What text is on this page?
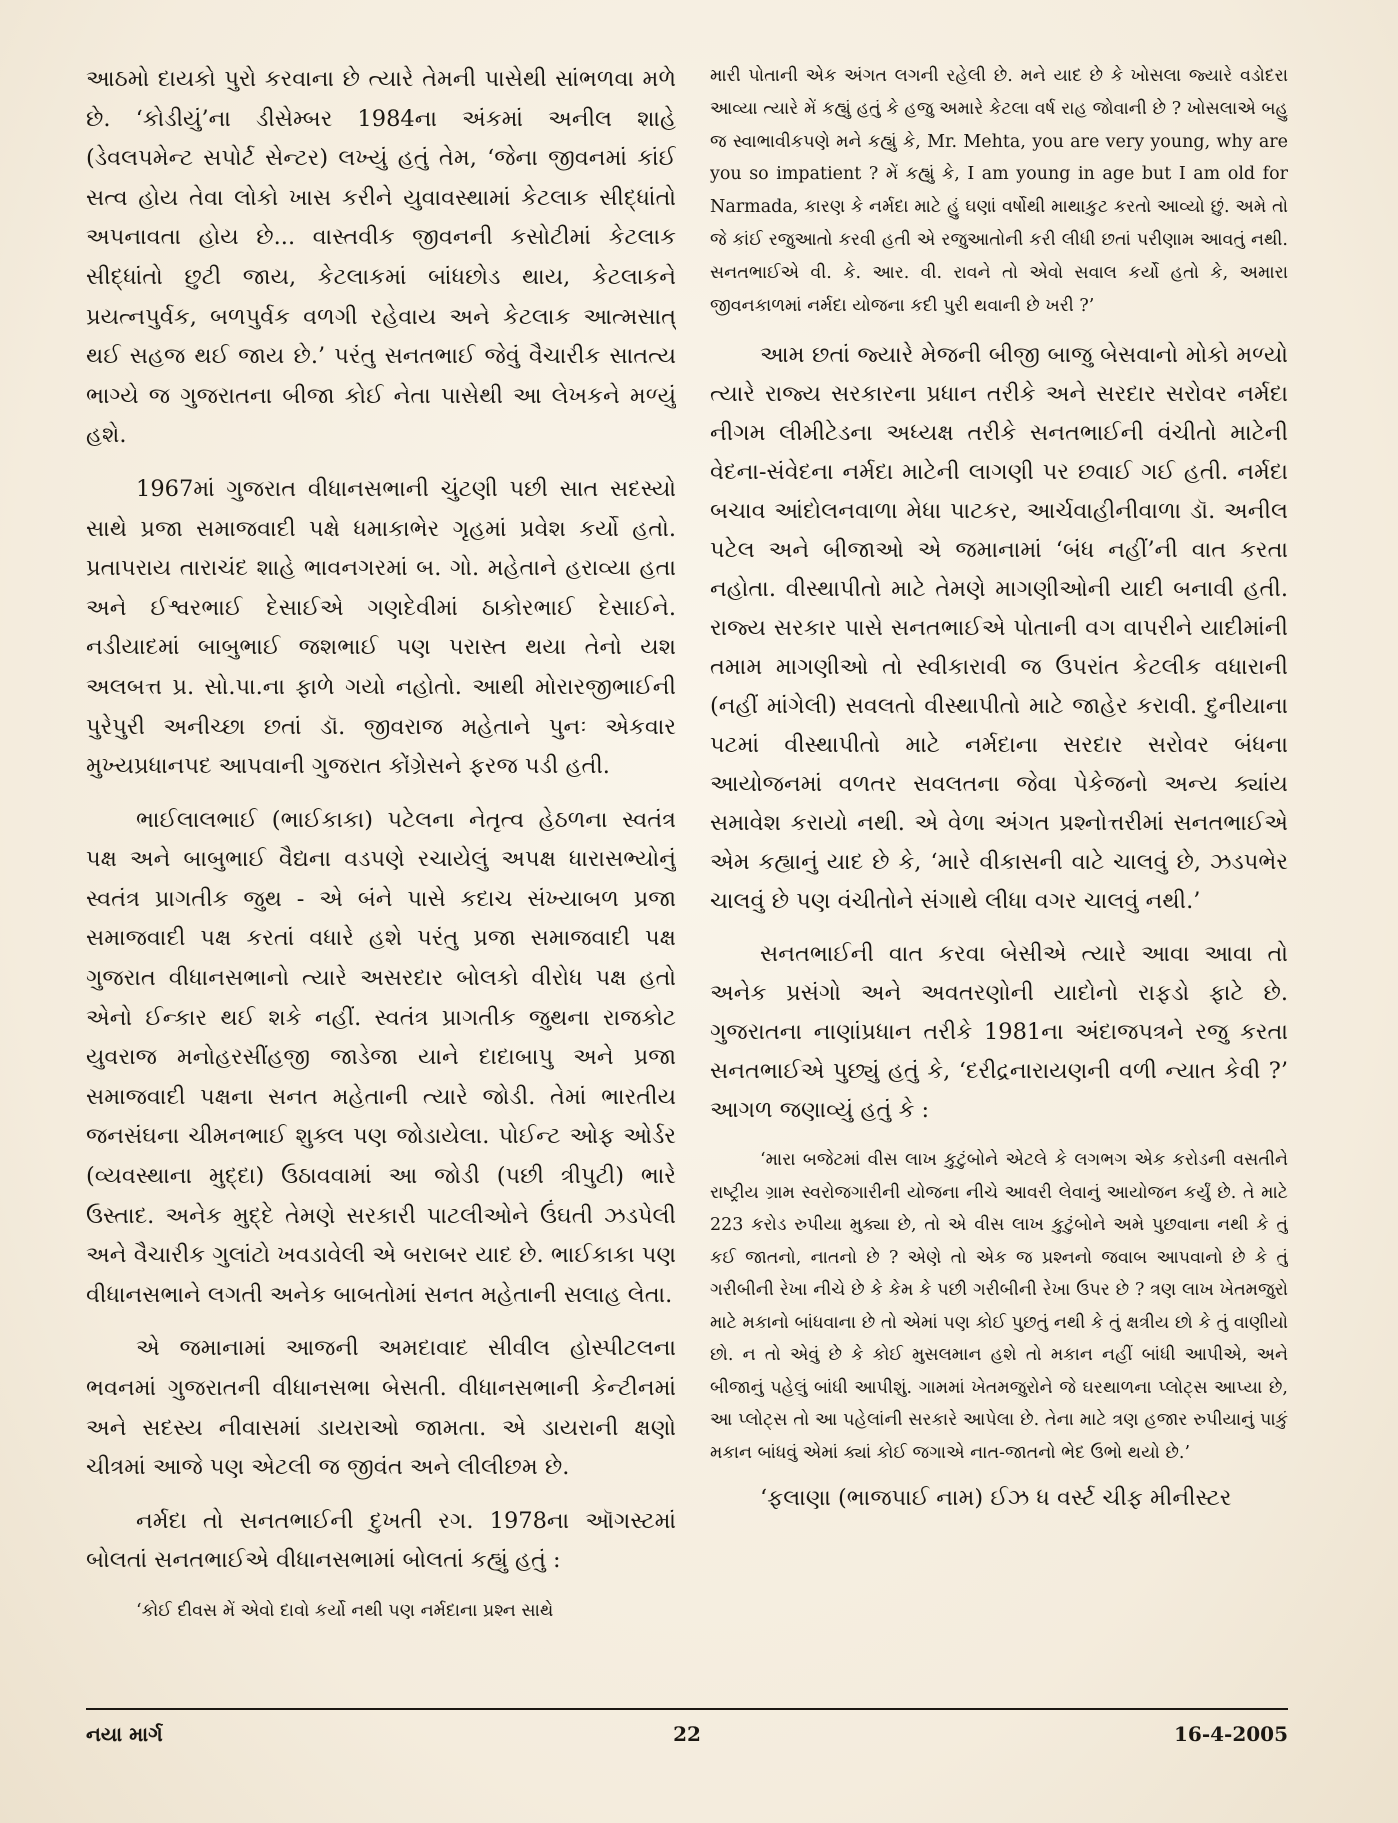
આઠમો દાયકો પુરો કરવાના છે ત્યારે તેમની પાસેથી સાંભળવા મળે છે. ‘કોડીયું’ના ડીસેમ્બર 1984ના અંકમાં અનીલ શાહે (ડેવલપમેન્ટ સપોર્ટ સેન્ટર) લખ્યું હતું તેમ, ‘જેના જીવનમાં કાંઈ સત્વ હોય તેવા લોકો ખાસ કરીને યુવાવસ્થામાં કેટલાક સીદ્ધાંતો અપનાવતા હોય છે... વાસ્તવીક જીવનની કસોટીમાં કેટલાક સીદ્ધાંતો છુટી જાય, કેટલાકમાં બાંધછોડ થાય, કેટલાકને પ્રયત્નપુર્વક, બળપુર્વક વળગી રહેવાય અને કેટલાક આત્મસાત્ થઈ સહજ થઈ જાય છે.’ પરંતુ સનતભાઈ જેવું વૈચારીક સાતત્ય ભાગ્યે જ ગુજરાતના બીજા કોઈ નેતા પાસેથી આ લેખકને મળ્યું હશે.

1967માં ગુજરાત વીધાનસભાની ચુંટણી પછી સાત સદસ્યો સાથે પ્રજા સમાજવાદી પક્ષે ધમાકાભેર ગૃહમાં પ્રવેશ કર્યો હતો. પ્રતાપરાય તારાચંદ શાહે ભાવનગરમાં બ. ગો. મહેતાને હરાવ્યા હતા અને ઈશ્વરભાઈ દેસાઈએ ગણદેવીમાં ઠાકોરભાઈ દેસાઈને. નડીયાદમાં બાબુભાઈ જશભાઈ પણ પરાસ્ત થયા તેનો યશ અલબત્ત પ્ર. સો.પા.ના ફાળે ગયો નહોતો. આથી મોરારજીભાઈની પુરેપુરી અનીચ્છા છતાં ડૉ. જીવરાજ મહેતાને પુનઃ એકવાર મુખ્યપ્રધાનપદ આપવાની ગુજરાત કોંગ્રેસને ફરજ પડી હતી.

ભાઈલાલભાઈ (ભાઈકાકા) પટેલના નેતૃત્વ હેઠળના સ્વતંત્ર પક્ષ અને બાબુભાઈ વૈદ્યના વડપણે રચાયેલું અપક્ષ ધારાસભ્યોનું સ્વતંત્ર પ્રાગતીક જુથ - એ બંને પાસે કદાચ સંખ્યાબળ પ્રજા સમાજવાદી પક્ષ કરતાં વધારે હશે પરંતુ પ્રજા સમાજવાદી પક્ષ ગુજરાત વીધાનસભાનો ત્યારે અસરદાર બોલકો વીરોધ પક્ષ હતો એનો ઈન્કાર થઈ શકે નહીં. સ્વતંત્ર પ્રાગતીક જુથના રાજકોટ યુવરાજ મનોહરસીંહજી જાડેજા યાને દાદાબાપુ અને પ્રજા સમાજવાદી પક્ષના સનત મહેતાની ત્યારે જોડી. તેમાં ભારતીય જનસંઘના ચીમનભાઈ શુક્લ પણ જોડાયેલા. પોઈન્ટ ઓફ ઓર્ડર (વ્યવસ્થાના મુદ્દા) ઉઠાવવામાં આ જોડી (પછી ત્રીપુટી) ભારે ઉસ્તાદ. અનેક મુદ્દે તેમણે સરકારી પાટલીઓને ઉંઘતી ઝડપેલી અને વૈચારીક ગુલાંટો ખવડાવેલી એ બરાબર યાદ છે. ભાઈકાકા પણ વીધાનસભાને લગતી અનેક બાબતોમાં સનત મહેતાની સલાહ લેતા.

એ જમાનામાં આજની અમદાવાદ સીવીલ હોસ્પીટલના ભવનમાં ગુજરાતની વીધાનસભા બેસતી. વીધાનસભાની કેન્ટીનમાં અને સદસ્ય નીવાસમાં ડાયરાઓ જામતા. એ ડાયરાની ક્ષણો ચીત્રમાં આજે પણ એટલી જ જીવંત અને લીલીછમ છે.

નર્મદા તો સનતભાઈની દુખતી રગ. 1978ના ઑગસ્ટમાં બોલતાં સનતભાઈએ વીધાનસભામાં બોલતાં કહ્યું હતું :

‘કોઈ દીવસ મેં એવો દાવો કર્યો નથી પણ નર્મદાના પ્રશ્ન સાથે

મારી પોતાની એક અંગત લગની રહેલી છે. મને યાદ છે કે ખોસલા જ્યારે વડોદરા આવ્યા ત્યારે મેં કહ્યું હતું કે હજુ અમારે કેટલા વર્ષ રાહ જોવાની છે ? ખોસલાએ બહુ જ સ્વાભાવીકપણે મને કહ્યું કે, Mr. Mehta, you are very young, why are you so impatient ? મેં કહ્યું કે, I am young in age but I am old for Narmada, કારણ કે નર્મદા માટે હું ઘણાં વર્ષોથી માથાકુટ કરતો આવ્યો છું. અમે તો જે કાંઈ રજુઆતો કરવી હતી એ રજુઆતોની કરી લીધી છતાં પરીણામ આવતું નથી. સનતભાઈએ વી. કે. આર. વી. રાવને તો એવો સવાલ કર્યો હતો કે, અમારા જીવનકાળમાં નર્મદા યોજના કદી પુરી થવાની છે ખરી ?’

આમ છતાં જ્યારે મેજની બીજી બાજુ બેસવાનો મોકો મળ્યો ત્યારે રાજ્ય સરકારના પ્રધાન તરીકે અને સરદાર સરોવર નર્મદા નીગમ લીમીટેડના અધ્યક્ષ તરીકે સનતભાઈની વંચીતો માટેની વેદના-સંવેદના નર્મદા માટેની લાગણી પર છવાઈ ગઈ હતી. નર્મદા બચાવ આંદોલનવાળા મેધા પાટકર, આર્ચવાહીનીવાળા ડૉ. અનીલ પટેલ અને બીજાઓ એ જમાનામાં ‘બંધ નહીં’ની વાત કરતા નહોતા. વીસ્થાપીતો માટે તેમણે માગણીઓની યાદી બનાવી હતી. રાજ્ય સરકાર પાસે સનતભાઈએ પોતાની વગ વાપરીને યાદીમાંની તમામ માગણીઓ તો સ્વીકારાવી જ ઉપરાંત કેટલીક વધારાની (નહીં માંગેલી) સવલતો વીસ્થાપીતો માટે જાહેર કરાવી. દુનીયાના પટમાં વીસ્થાપીતો માટે નર્મદાના સરદાર સરોવર બંધના આયોજનમાં વળતર સવલતના જેવા પેકેજનો અન્ય ક્યાંય સમાવેશ કરાયો નથી. એ વેળા અંગત પ્રશ્નોત્તરીમાં સનતભાઈએ એમ કહ્યાનું યાદ છે કે, ‘મારે વીકાસની વાટે ચાલવું છે, ઝડપભેર ચાલવું છે પણ વંચીતોને સંગાથે લીધા વગર ચાલવું નથી.’

સનતભાઈની વાત કરવા બેસીએ ત્યારે આવા આવા તો અનેક પ્રસંગો અને અવતરણોની યાદોનો રાફડો ફાટે છે. ગુજરાતના નાણાંપ્રધાન તરીકે 1981ના અંદાજપત્રને રજુ કરતા સનતભાઈએ પુછ્યું હતું કે, ‘દરીદ્રનારાયણની વળી ન્યાત કેવી ?’ આગળ જણાવ્યું હતું કે :

‘મારા બજેટમાં વીસ લાખ કુટુંબોને એટલે કે લગભગ એક કરોડની વસતીને રાષ્ટ્રીય ગ્રામ સ્વરોજગારીની યોજના નીચે આવરી લેવાનું આયોજન કર્યું છે. તે માટે 223 કરોડ રુપીયા મુક્યા છે, તો એ વીસ લાખ કુટુંબોને અમે પુછવાના નથી કે તું કઈ જાતનો, નાતનો છે ? એણે તો એક જ પ્રશ્નનો જવાબ આપવાનો છે કે તું ગરીબીની રેખા નીચે છે કે કેમ કે પછી ગરીબીની રેખા ઉપર છે ? ત્રણ લાખ ખેતમજુરો માટે મકાનો બાંધવાના છે તો એમાં પણ કોઈ પુછતું નથી કે તું ક્ષત્રીય છો કે તું વાણીયો છો. ન તો એવું છે કે કોઈ મુસલમાન હશે તો મકાન નહીં બાંધી આપીએ, અને બીજાનું પહેલું બાંધી આપીશું. ગામમાં ખેતમજુરોને જે ઘરથાળના પ્લોટ્સ આપ્યા છે, આ પ્લોટ્સ તો આ પહેલાંની સરકારે આપેલા છે. તેના માટે ત્રણ હજાર રુપીયાનું પાકું મકાન બાંધવું એમાં ક્યાં કોઈ જગાએ નાત-જાતનો ભેદ ઉભો થયો છે.’

‘ફલાણા (ભાજપાઈ નામ) ઈઝ ધ વર્સ્ટ ચીફ મીનીસ્ટર

નયા માર્ગ	22	16-4-2005
